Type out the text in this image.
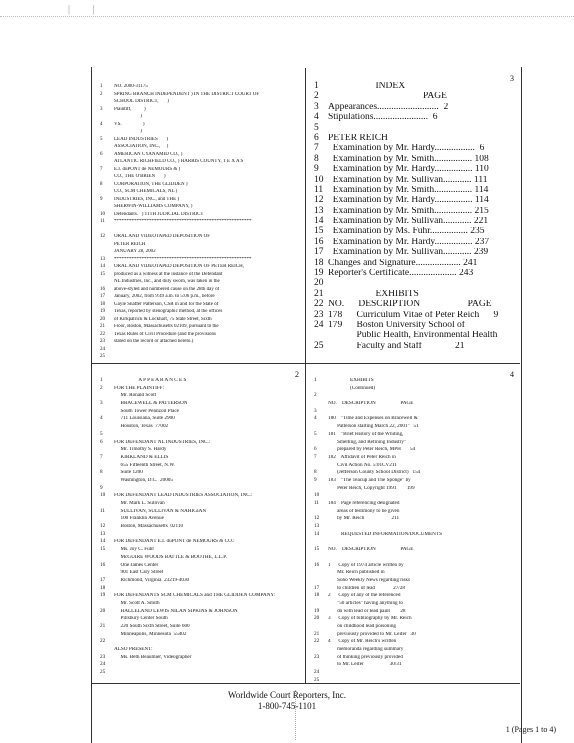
| |
1	NO. 2000-31175
2	SPRING BRANCH INDEPENDENT ) IN THE DISTRICT COURT OF
SCHOOL DISTRICT,       )
3	Plaintiff,          )
)
4	VS.                 )
)
5	LEAD INDUSTRIES       )
ASSOCIATION, INC.,     )
6	AMERICAN CYANAMID CO., )
ATLANTIC RICHFIELD CO., ) HARRIS COUNTY, T E X A S
7	E.I. duPONT de NEMOURS & )
CO., THE O'BRIEN       )
8	CORPORATION, THE GLIDDEN )
CO., SCM CHEMICALS, NL )
9	INDUSTRIES, INC., and THE )
SHERWIN-WILLIAMS COMPANY, )
10	Defendants.   ) 11TH JUDICIAL DISTRICT
11	*******************************************************
12	ORAL AND VIDEOTAPED DEPOSITION OF
PETER REICH
JANUARY 28, 2002
13	*******************************************************
14	ORAL AND VIDEOTAPED DEPOSITION OF PETER REICH,
15	produced as a witness at the instance of the Defendant
NL Industries, Inc., and duly sworn, was taken in the
16	above-styled and numbered cause on the 28th day of
17	January, 2002, from 9:49 a.m. to 5:06 p.m., before
18	Gayle Shaffer Patterson, CSR in and for the State of
19	Texas, reported by stenographic method, at the offices
20	of Kirkpatrick & Lockhart, 75 State Street, Sixth
21	Floor, Boston, Massachusetts 02109, pursuant to the
22	Texas Rules of Civil Procedure (and the provisions
23	stated on the record or attached hereto.)
24
25
3
1 INDEX
2 PAGE
3 Appearances..........................  2
4 Stipulations.......................  6
5
6 PETER REICH
7 Examination by Mr. Hardy.................  6
8 Examination by Mr. Smith................ 108
9 Examination by Mr. Hardy................ 110
10 Examination by Mr. Sullivan............ 111
11 Examination by Mr. Smith................ 114
12 Examination by Mr. Hardy................ 114
13 Examination by Mr. Smith................ 215
14 Examination by Mr. Sullivan............ 221
15 Examination by Ms. Fuhr................ 235
16 Examination by Mr. Hardy................ 237
17 Examination by Mr. Sullivan............ 239
18 Changes and Signature................... 241
19 Reporter's Certificate.................... 243
20
21 EXHIBITS
22 NO.      DESCRIPTION                    PAGE
23 178      Curriculum Vitae of Peter Reich      9
24 179      Boston University School of
Public Health, Environmental Health
25 Faculty and Staff              21
2
1	A P P E A R A N C E S
2	FOR THE PLAINTIFF:
Mr. Ronald Scott
3	BRACEWELL & PATTERSON
South Tower Pennzoil Place
4	711 Louisiana, Suite 2900
Houston, Texas  77002
5
6	FOR DEFENDANT NL INDUSTRIES, INC.:
Mr. Timothy S. Hardy
7	KIRKLAND & ELLIS
655 Fifteenth Street, N.W.
8	Suite 1200
Washington, D.C.  20005
9
10	FOR DEFENDANT LEAD INDUSTRIES ASSOCIATION, INC.:
Mr. Mark L. Sullivan
11	SULLIVAN, SULLIVAN & NAHIGIAN
100 Franklin Avenue
12	Boston, Massachusetts  02110
13
14	FOR DEFENDANT E.I. duPONT de NEMOURS & CO.:
15	Ms. Joy C. Fuhr
McGUIRE WOODS BATTLE & BOOTHE, L.L.P.
16	One James Center
901 East Cary Street
17	Richmond, Virginia  23219-4030
18
19	FOR DEFENDANTS SCM CHEMICALS and THE GLIDDEN COMPANY:
Mr. Scott A. Smith
20	HALLELAND LEWIS NILAN SIPKINS & JOHNSON
Pillsbury Center South
21	220 South Sixth Street, Suite 600
Minneapolis, Minnesota  55402
22
ALSO PRESENT:
23	Ms. Beth Beaumier, Videographer
24
25
4
1	EXHIBITS
(Continued)
2
NO.    DESCRIPTION                   PAGE
3
4	180    "Time and Expenses on Bracewell &
Patterson starting March 22, 2001"   51
5	181    "Brief History of the Whiting,
Smelting, and Refining Industry"
6	prepared by Peter Reich, MPH       54
7	182    Affidavit of Peter Reich in
Civil Action No. 5:01CV211
8	(Jefferson County School District)   154
9	183    "The Teacup and The Sponge" by
Peter Reich, Copyright 1991        199
10
11	184    Page referencing designated
areas of testimony to be given
12	by Mr. Reich                     211
13
14	REQUESTED INFORMATION/DOCUMENTS
15	NO.    DESCRIPTION                   PAGE
16	1      Copy of 1974 article written by
Mr. Reich published in
Soho Weekly News regarding risks
17	to children of lead              27/28
18	2      Copy of any of the referenced
"50 articles" having anything to
19	do with lead or lead paint        28
20	3      Copy of bibliography by Mr. Reich
on childhood lead poisoning
21	previously provided to Mr. Leifer   30
22	4      Copy of Mr. Reich's written
memoranda regarding summary
23	of thinking previously provided
to Mr. Leifer                    30/31
24
25
Worldwide Court Reporters, Inc.
1-800-745-1101
1 (Pages 1 to 4)
